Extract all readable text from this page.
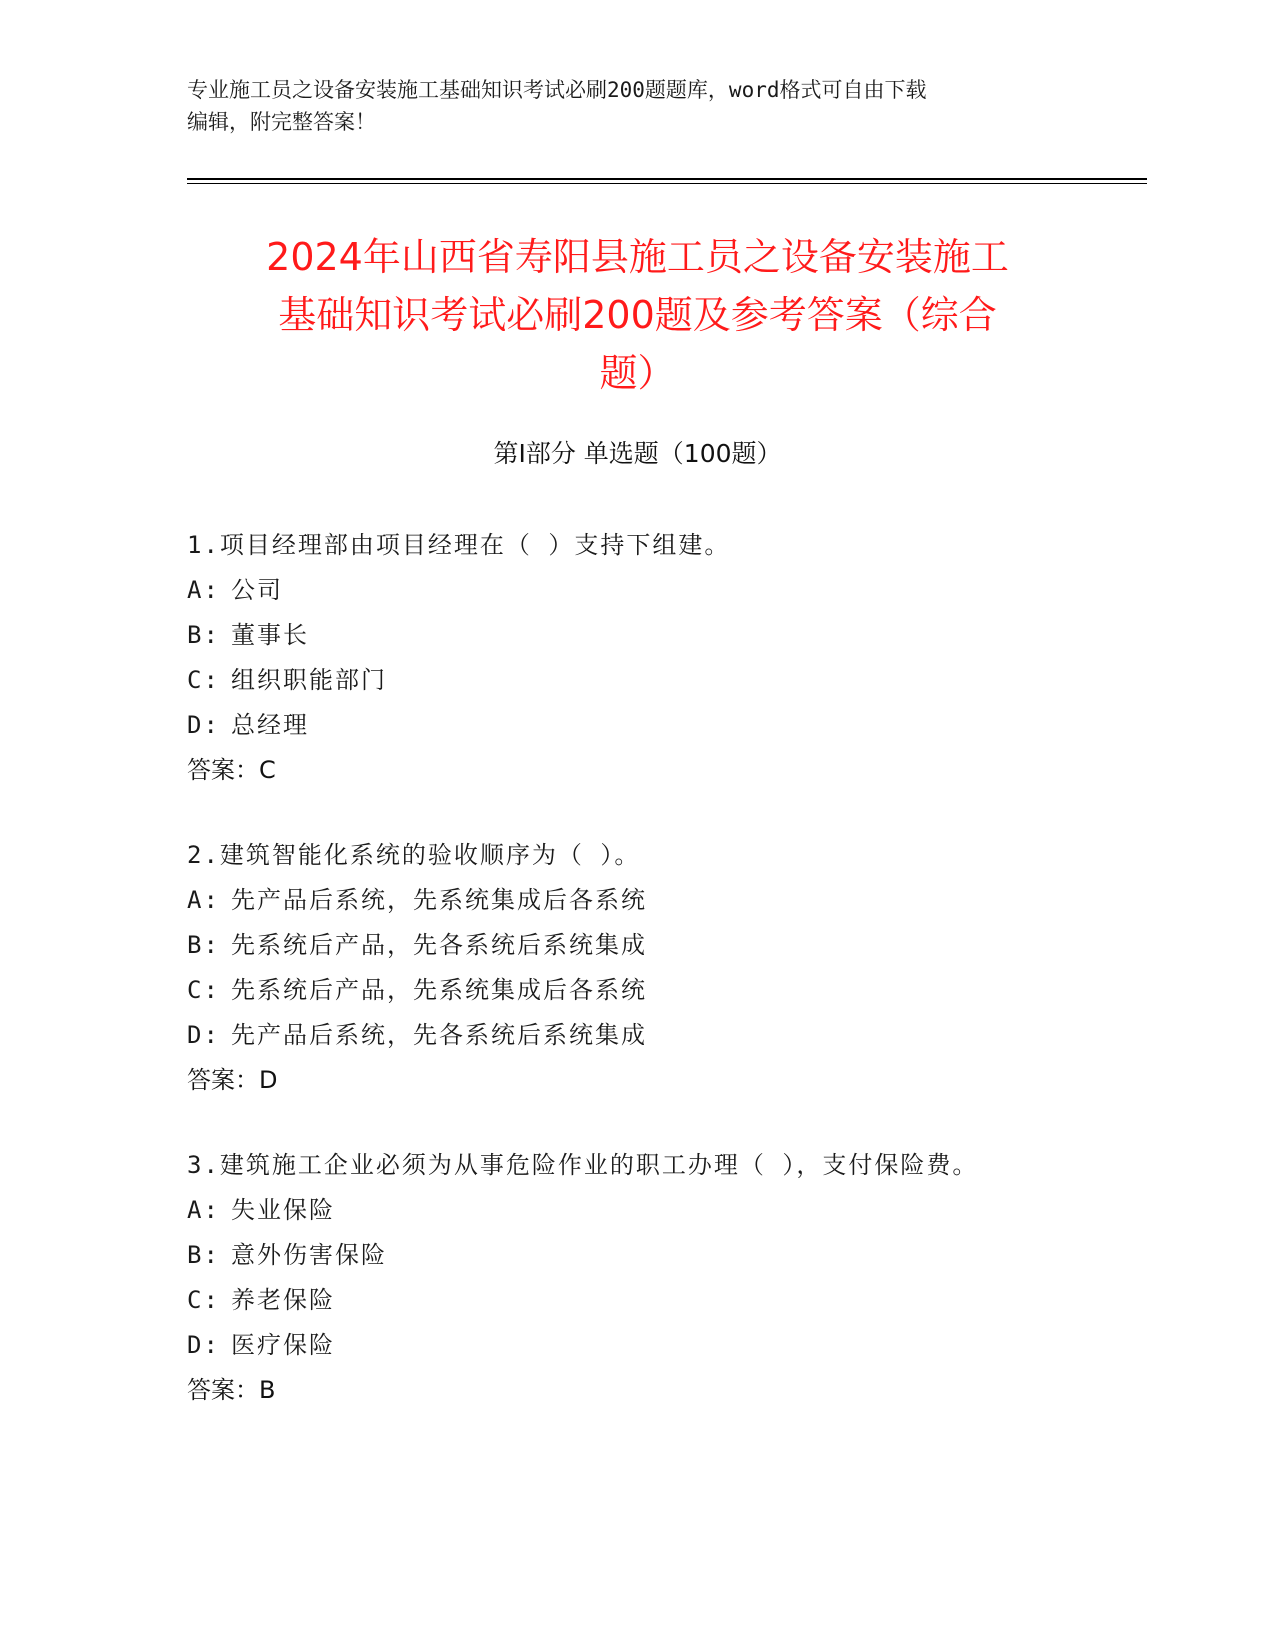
专业施工员之设备安装施工基础知识考试必刷200题题库，word格式可自由下载
编辑，附完整答案！
2024年山西省寿阳县施工员之设备安装施工
基础知识考试必刷200题及参考答案（综合
题）
第Ⅰ部分 单选题（100题）
1.项目经理部由项目经理在（ ）支持下组建。
A: 公司
B: 董事长
C: 组织职能部门
D: 总经理
答案：C
2.建筑智能化系统的验收顺序为（ ）。
A: 先产品后系统，先系统集成后各系统
B: 先系统后产品，先各系统后系统集成
C: 先系统后产品，先系统集成后各系统
D: 先产品后系统，先各系统后系统集成
答案：D
3.建筑施工企业必须为从事危险作业的职工办理（ ），支付保险费。
A: 失业保险
B: 意外伤害保险
C: 养老保险
D: 医疗保险
答案：B
